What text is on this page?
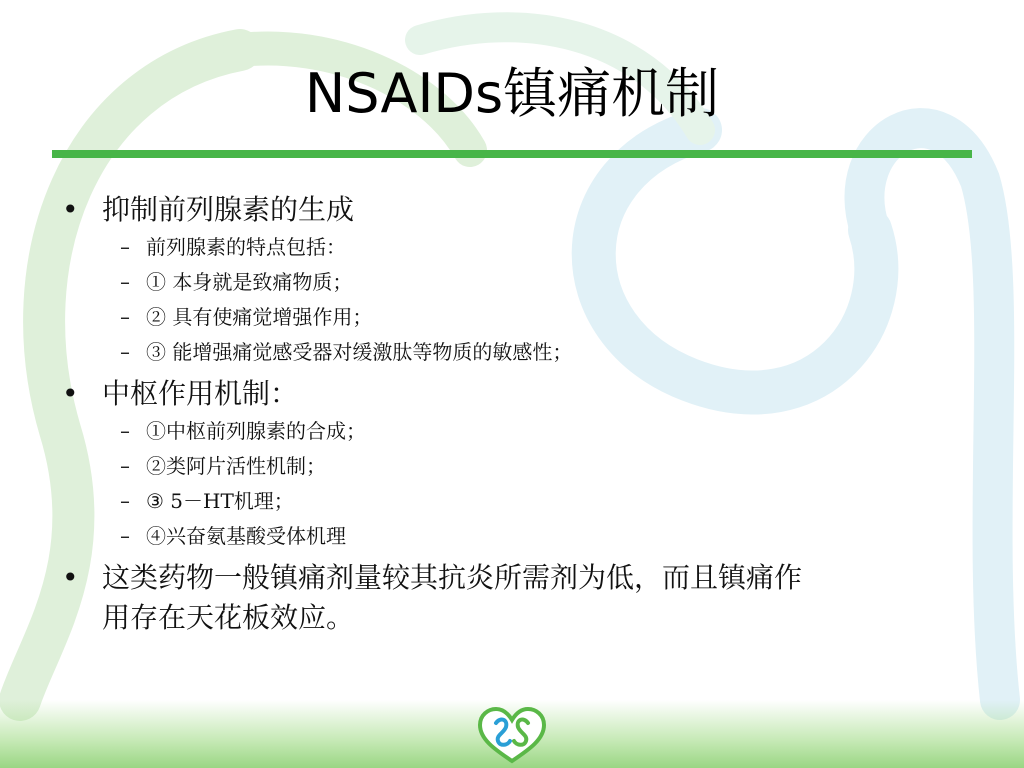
NSAIDs镇痛机制

• 抑制前列腺素的生成

– 前列腺素的特点包括：

– ① 本身就是致痛物质；

– ② 具有使痛觉增强作用；

– ③ 能增强痛觉感受器对缓激肽等物质的敏感性；

• 中枢作用机制：

– ①中枢前列腺素的合成；

– ②类阿片活性机制；

– ③ 5－HT机理；

– ④兴奋氨基酸受体机理

• 这类药物一般镇痛剂量较其抗炎所需剂为低，而且镇痛作
用存在天花板效应。
